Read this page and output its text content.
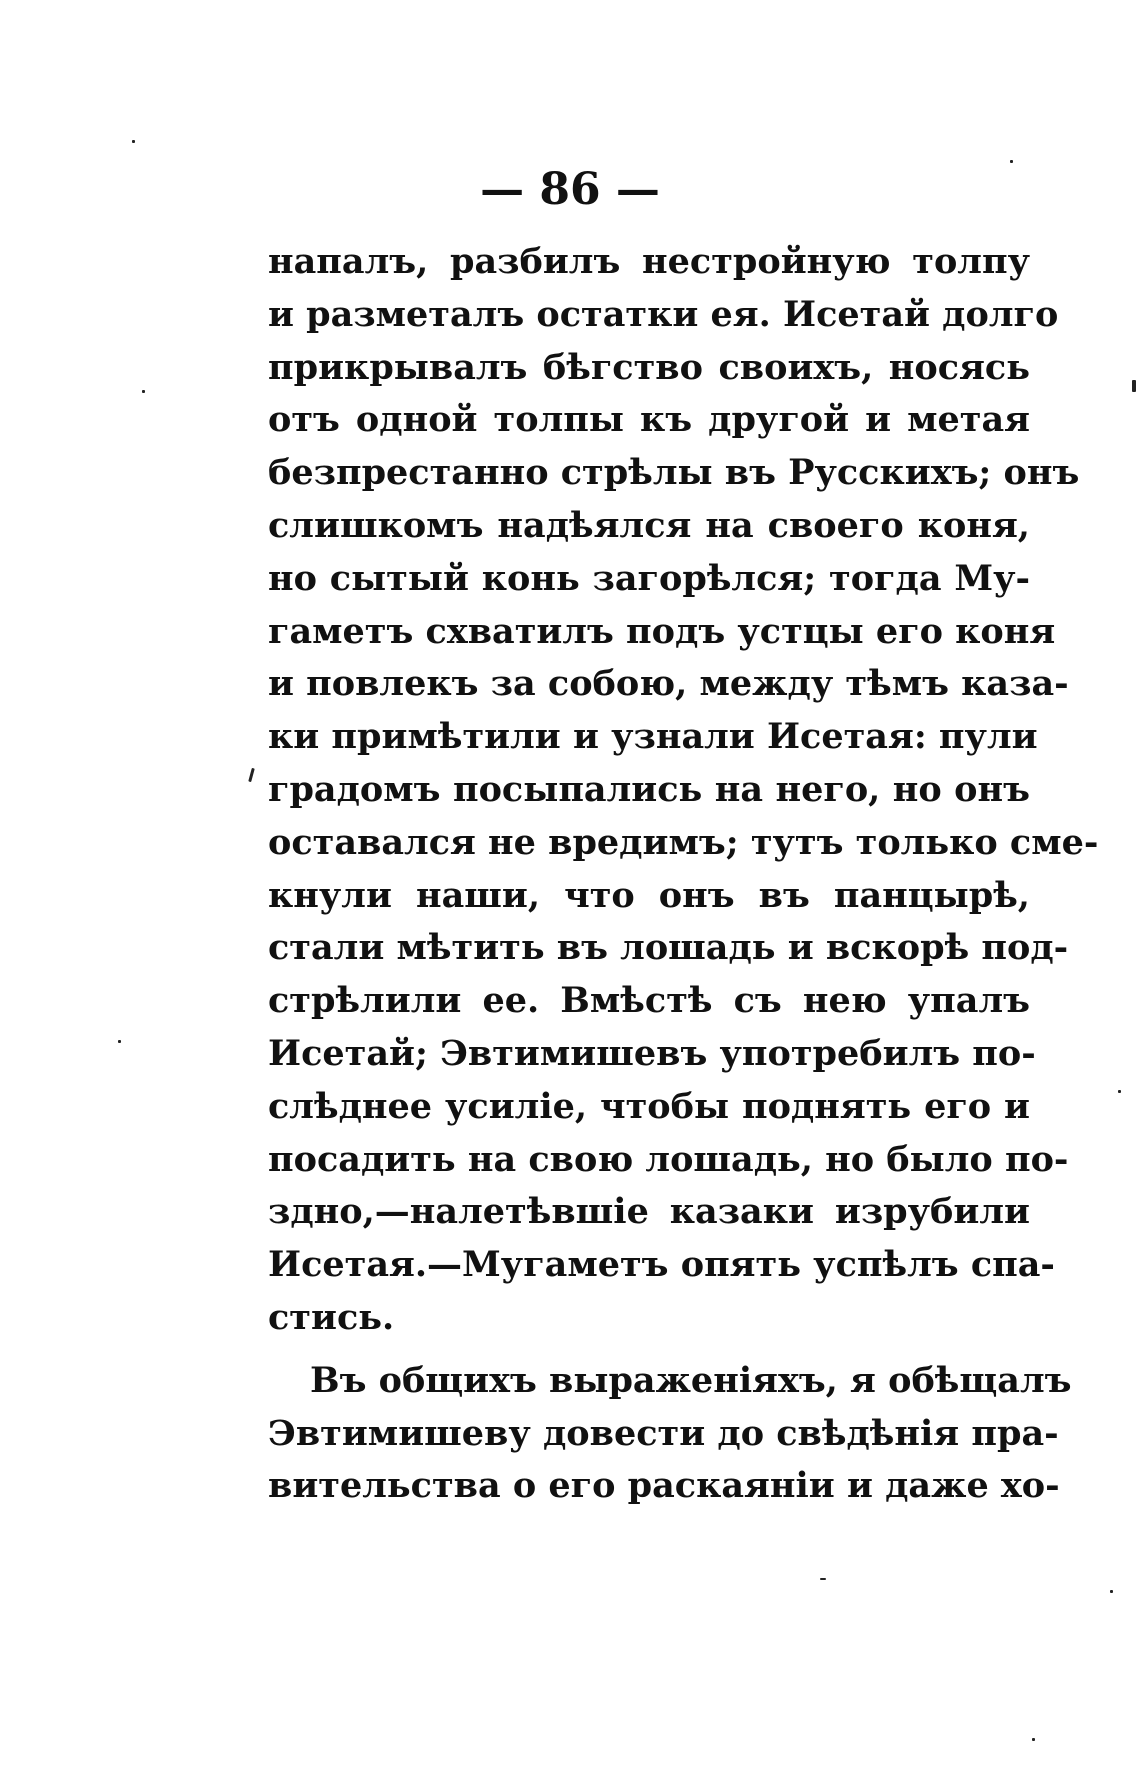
— 86 —
напалъ, разбилъ нестройную толпу
и разметалъ остатки ея. Исетай долго
прикрывалъ бѣгство своихъ, носясь
отъ одной толпы къ другой и метая
безпрестанно стрѣлы въ Русскихъ; онъ
слишкомъ надѣялся на своего коня,
но сытый конь загорѣлся; тогда Му-
гаметъ схватилъ подъ устцы его коня
и повлекъ за собою, между тѣмъ каза-
ки примѣтили и узнали Исетая: пули
градомъ посыпались на него, но онъ
оставался не вредимъ; тутъ только сме-
кнули наши, что онъ въ панцырѣ,
стали мѣтить въ лошадь и вскорѣ под-
стрѣлили ее. Вмѣстѣ съ нею упалъ
Исетай; Эвтимишевъ употребилъ по-
слѣднее усиліе, чтобы поднять его и
посадить на свою лошадь, но было по-
здно,—налетѣвшіе казаки изрубили
Исетая.—Мугаметъ опять успѣлъ спа-
стись.
Въ общихъ выраженіяхъ, я обѣщалъ
Эвтимишеву довести до свѣдѣнія пра-
вительства о его раскаяніи и даже хо-
